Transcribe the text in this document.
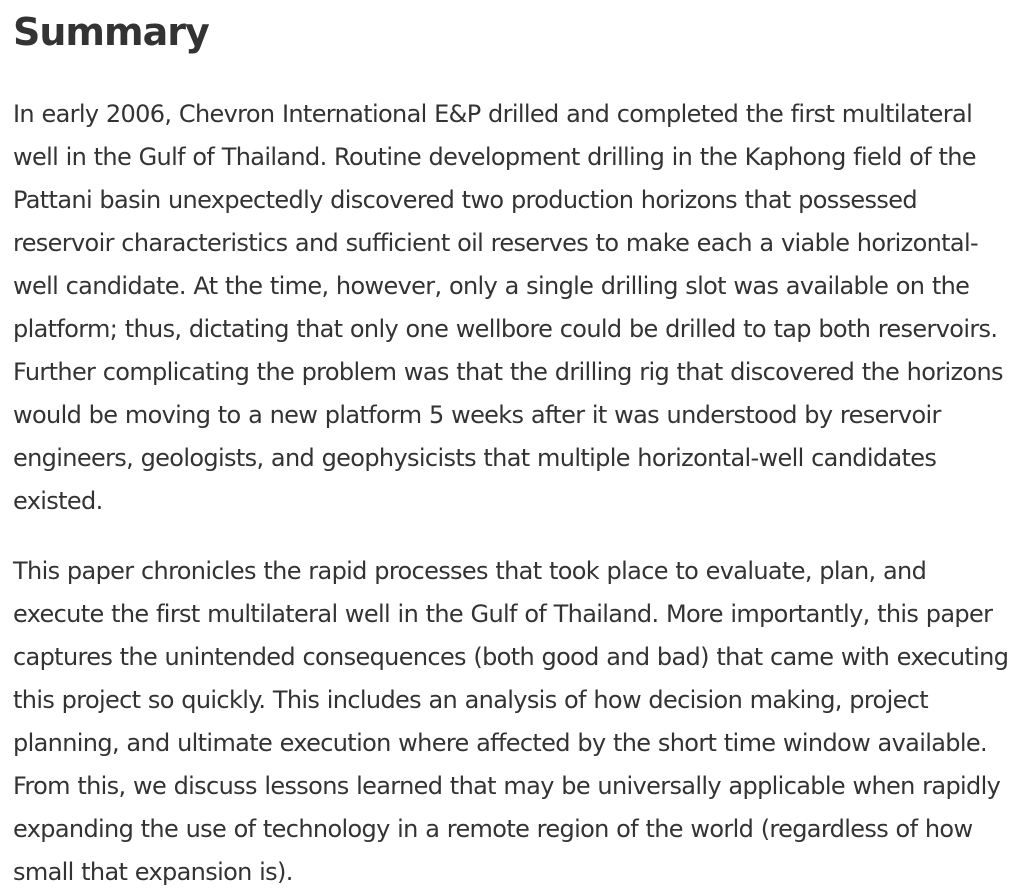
Summary

In early 2006, Chevron International E&P drilled and completed the first multilateral well in the Gulf of Thailand. Routine development drilling in the Kaphong field of the Pattani basin unexpectedly discovered two production horizons that possessed reservoir characteristics and sufficient oil reserves to make each a viable horizontal-well candidate. At the time, however, only a single drilling slot was available on the platform; thus, dictating that only one wellbore could be drilled to tap both reservoirs. Further complicating the problem was that the drilling rig that discovered the horizons would be moving to a new platform 5 weeks after it was understood by reservoir engineers, geologists, and geophysicists that multiple horizontal-well candidates existed.

This paper chronicles the rapid processes that took place to evaluate, plan, and execute the first multilateral well in the Gulf of Thailand. More importantly, this paper captures the unintended consequences (both good and bad) that came with executing this project so quickly. This includes an analysis of how decision making, project planning, and ultimate execution where affected by the short time window available. From this, we discuss lessons learned that may be universally applicable when rapidly expanding the use of technology in a remote region of the world (regardless of how small that expansion is).
